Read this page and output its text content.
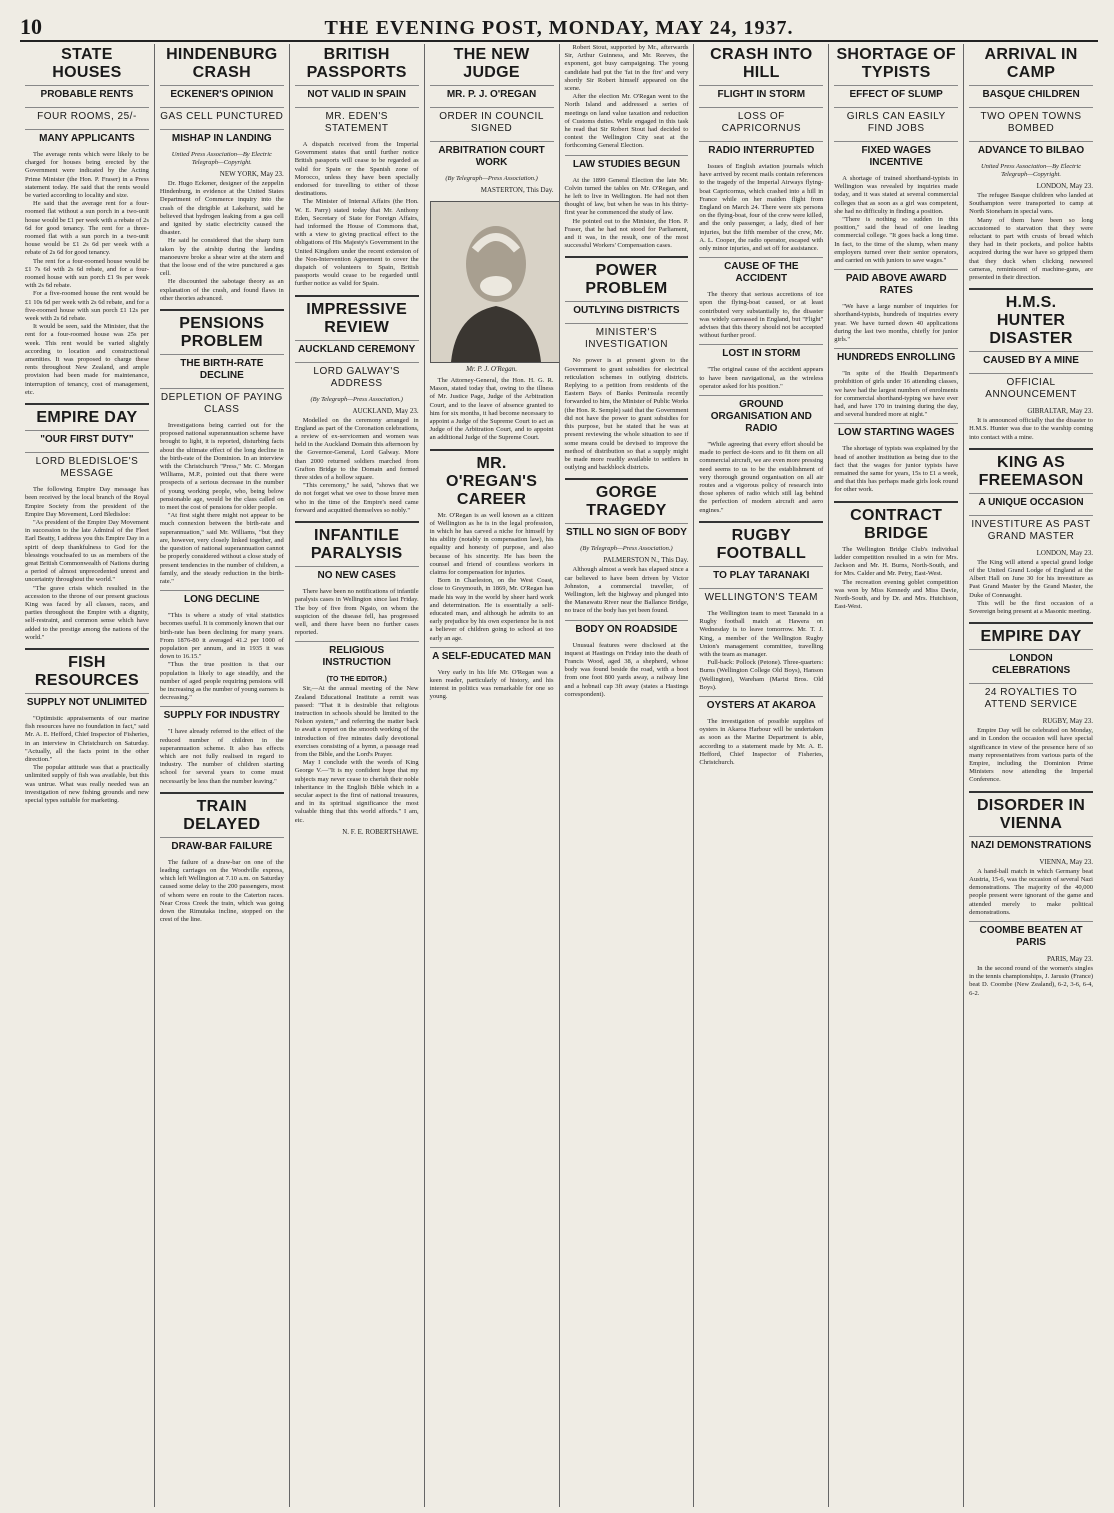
10	THE EVENING POST, MONDAY, MAY 24, 1937.
STATE HOUSES
PROBABLE RENTS
FOUR ROOMS, 25/-
MANY APPLICANTS

The average rents which were likely to be charged for houses being erected by the Government were indicated by the Acting Prime Minister (the Hon. P. Fraser) in a Press statement today. He said that the rents would be varied according to locality and size.

He said that the average rent for a four-roomed flat without a sun porch in a two-unit house would be £1 per week with a rebate of 2s 6d for good tenancy. The rent for a three-roomed flat with a sun porch in a two-unit house would be £1 2s 6d per week with a rebate of 2s 6d for good tenancy.

The rent for a four-roomed house would be £1 7s 6d with 2s 6d rebate, and for a four-roomed house with sun porch £1 9s per week with 2s 6d rebate.

For a five-roomed house the rent would be £1 10s 6d per week with 2s 6d rebate, and for a five-roomed house with sun porch £1 12s per week with 2s 6d rebate.

It would be seen, said the Minister, that the rent for a four-roomed house was 25s per week. This rent would be varied slightly according to location and constructional amenities. It was proposed to charge these rents throughout New Zealand, and ample provision had been made for maintenance, interruption of tenancy, cost of management, etc.

EMPIRE DAY
"OUR FIRST DUTY"
LORD BLEDISLOE'S MESSAGE

The following Empire Day message has been received by the local branch of the Royal Empire Society from the president of the Empire Day Movement, Lord Bledisloe:

"As president of the Empire Day Movement in succession to the late Admiral of the Fleet Earl Beatty, I address you this Empire Day in a spirit of deep thankfulness to God for the blessings vouchsafed to us as members of the great British Commonwealth of Nations during a period of almost unprecedented unrest and uncertainty throughout the world."

"The grave crisis which resulted in the accession to the throne of our present gracious King was faced by all classes, races, and parties throughout the Empire with a dignity, self-restraint, and common sense which have added to the prestige among the nations of the world."

FISH RESOURCES
SUPPLY NOT UNLIMITED

"Optimistic appraisements of our marine fish resources have no foundation in fact," said Mr. A. E. Hefford, Chief Inspector of Fisheries, in an interview in Christchurch on Saturday. "Actually, all the facts point in the other direction."

The popular attitude was that a practically unlimited supply of fish was available, but this was untrue. What was really needed was an investigation of new fishing grounds and new special types suitable for marketing.

HINDENBURG CRASH
ECKENER'S OPINION
GAS CELL PUNCTURED
MISHAP IN LANDING
United Press Association—By Electric Telegraph—Copyright.
NEW YORK, May 23.

Dr. Hugo Eckener, designer of the zeppelin Hindenburg, in evidence at the United States Department of Commerce inquiry into the crash of the dirigible at Lakehurst, said he believed that hydrogen leaking from a gas cell and ignited by static electricity caused the disaster.

He said he considered that the sharp turn taken by the airship during the landing manoeuvre broke a shear wire at the stern and that the loose end of the wire punctured a gas cell.

He discounted the sabotage theory as an explanation of the crash, and found flaws in other theories advanced.

PENSIONS PROBLEM
THE BIRTH-RATE DECLINE
DEPLETION OF PAYING CLASS

Investigations being carried out for the proposed national superannuation scheme have brought to light, it is reported, disturbing facts about the ultimate effect of the long decline in the birth-rate of the Dominion. In an interview with the Christchurch "Press," Mr. C. Morgan Williams, M.P., pointed out that there were prospects of a serious decrease in the number of young working people, who, being below pensionable age, would be the class called on to meet the cost of pensions for older people.

"At first sight there might not appear to be much connexion between the birth-rate and superannuation," said Mr. Williams, "but they are, however, very closely linked together, and the question of national superannuation cannot be properly considered without a close study of present tendencies in the number of children, a family, and the steady reduction in the birth-rate."

LONG DECLINE

"This is where a study of vital statistics becomes useful. It is commonly known that our birth-rate has been declining for many years. From 1876-80 it averaged 41.2 per 1000 of population per annum, and in 1935 it was down to 16.15."

"Thus the true position is that our population is likely to age steadily, and the number of aged people requiring pensions will be increasing as the number of young earners is decreasing."

SUPPLY FOR INDUSTRY

"I have already referred to the effect of the reduced number of children in the superannuation scheme. It also has effects which are not fully realised in regard to industry. The number of children starting school for several years to come must necessarily be less than the number leaving."

TRAIN DELAYED
DRAW-BAR FAILURE

The failure of a draw-bar on one of the leading carriages on the Woodville express, which left Wellington at 7.10 a.m. on Saturday caused some delay to the 200 passengers, most of whom were en route to the Caterton races. Near Cross Creek the train, which was going down the Rimutaka incline, stopped on the crest of the line.

BRITISH PASSPORTS
NOT VALID IN SPAIN
MR. EDEN'S STATEMENT

A dispatch received from the Imperial Government states that until further notice British passports will cease to be regarded as valid for Spain or the Spanish zone of Morocco, unless they have been specially endorsed for travelling to either of those destinations.

The Minister of Internal Affairs (the Hon. W. E. Parry) stated today that Mr. Anthony Eden, Secretary of State for Foreign Affairs, had informed the House of Commons that, with a view to giving practical effect to the obligations of His Majesty's Government in the United Kingdom under the recent extension of the Non-Intervention Agreement to cover the dispatch of volunteers to Spain, British passports would cease to be regarded until further notice as valid for Spain.

IMPRESSIVE REVIEW
AUCKLAND CEREMONY
LORD GALWAY'S ADDRESS
(By Telegraph—Press Association.)
AUCKLAND, May 23.

Modelled on the ceremony arranged in England as part of the Coronation celebrations, a review of ex-servicemen and women was held in the Auckland Domain this afternoon by the Governor-General, Lord Galway. More than 2000 returned soldiers marched from Grafton Bridge to the Domain and formed three sides of a hollow square.

"This ceremony," he said, "shows that we do not forget what we owe to those brave men who in the time of the Empire's need came forward and acquitted themselves so nobly."

INFANTILE PARALYSIS
NO NEW CASES

There have been no notifications of infantile paralysis cases in Wellington since last Friday. The boy of five from Ngaio, on whom the suspicion of the disease fell, has progressed well, and there have been no further cases reported.

RELIGIOUS INSTRUCTION
(TO THE EDITOR.)

Sir,—At the annual meeting of the New Zealand Educational Institute a remit was passed: "That it is desirable that religious instruction in schools should be limited to the Nelson system," and referring the matter back to await a report on the smooth working of the introduction of five minutes daily devotional exercises consisting of a hymn, a passage read from the Bible, and the Lord's Prayer.

May I conclude with the words of King George V.—"It is my confident hope that my subjects may never cease to cherish their noble inheritance in the English Bible which in a secular aspect is the first of national treasures, and in its spiritual significance the most valuable thing that this world affords." I am, etc.

N. F. E. ROBERTSHAWE.
THE NEW JUDGE
MR. P. J. O'REGAN
ORDER IN COUNCIL SIGNED
ARBITRATION COURT WORK
(By Telegraph—Press Association.)
MASTERTON, This Day.
Mr. P. J. O'Regan.

The Attorney-General, the Hon. H. G. R. Mason, stated today that, owing to the illness of Mr. Justice Page, Judge of the Arbitration Court, and to the leave of absence granted to him for six months, it had become necessary to appoint a Judge of the Supreme Court to act as Judge of the Arbitration Court, and to appoint an additional Judge of the Supreme Court.

MR. O'REGAN'S CAREER

Mr. O'Regan is as well known as a citizen of Wellington as he is in the legal profession, in which he has carved a niche for himself by his ability (notably in compensation law), his equality and honesty of purpose, and also because of his sincerity. He has been the counsel and friend of countless workers in claims for compensation for injuries.

Born in Charleston, on the West Coast, close to Greymouth, in 1869, Mr. O'Regan has made his way in the world by sheer hard work and determination. He is essentially a self-educated man, and although he admits to an early prejudice by his own experience he is not a believer of children going to school at too early an age.

A SELF-EDUCATED MAN

Very early in his life Mr. O'Regan was a keen reader, particularly of history, and his interest in politics was remarkable for one so young.

Robert Stout, supported by Mr., afterwards Sir, Arthur Guinness, and Mr. Reeves, the exponent, got busy campaigning. The young candidate had put the 'fat in the fire' and very shortly Sir Robert himself appeared on the scene.

After the election Mr. O'Regan went to the North Island and addressed a series of meetings on land value taxation and reduction of Customs duties. While engaged in this task he read that Sir Robert Stout had decided to contest the Wellington City seat at the forthcoming General Election.

LAW STUDIES BEGUN

At the 1899 General Election the late Mr. Colvin turned the tables on Mr. O'Regan, and he left to live in Wellington. He had not then thought of law, but when he was in his thirty-first year he commenced the study of law.

He pointed out to the Minister, the Hon. P. Fraser, that he had not stood for Parliament, and it was, in the result, one of the most successful Workers' Compensation cases.

POWER PROBLEM
OUTLYING DISTRICTS
MINISTER'S INVESTIGATION

No power is at present given to the Government to grant subsidies for electrical reticulation schemes in outlying districts. Replying to a petition from residents of the Eastern Bays of Banks Peninsula recently forwarded to him, the Minister of Public Works (the Hon. R. Semple) said that the Government did not have the power to grant subsidies for this purpose, but he stated that he was at present reviewing the whole situation to see if some means could be devised to improve the method of distribution so that a supply might be made more readily available to settlers in outlying and backblock districts.

GORGE TRAGEDY
STILL NO SIGN OF BODY
(By Telegraph—Press Association.)
PALMERSTON N., This Day.

Although almost a week has elapsed since a car believed to have been driven by Victor Johnston, a commercial traveller, of Wellington, left the highway and plunged into the Manawatu River near the Ballance Bridge, no trace of the body has yet been found.

BODY ON ROADSIDE

Unusual features were disclosed at the inquest at Hastings on Friday into the death of Francis Wood, aged 38, a shepherd, whose body was found beside the road, with a boot from one foot 800 yards away, a railway line and a hobnail cap 3ft away (states a Hastings correspondent).

CRASH INTO HILL
FLIGHT IN STORM
LOSS OF CAPRICORNUS
RADIO INTERRUPTED

Issues of English aviation journals which have arrived by recent mails contain references to the tragedy of the Imperial Airways flying-boat Capricornus, which crashed into a hill in France while on her maiden flight from England on March 24. There were six persons on the flying-boat, four of the crew were killed, and the only passenger, a lady, died of her injuries, but the fifth member of the crew, Mr. A. L. Cooper, the radio operator, escaped with only minor injuries, and set off for assistance.

CAUSE OF THE ACCIDENT

The theory that serious accretions of ice upon the flying-boat caused, or at least contributed very substantially to, the disaster was widely canvassed in England, but "Flight" advises that this theory should not be accepted without further proof.

LOST IN STORM

"The original cause of the accident appears to have been navigational, as the wireless operator asked for his position."

GROUND ORGANISATION AND RADIO

"While agreeing that every effort should be made to perfect de-icers and to fit them on all commercial aircraft, we are even more pressing need seems to us to be the establishment of very thorough ground organisation on all air routes and a vigorous policy of research into those spheres of radio which still lag behind the perfection of modern aircraft and aero engines."

RUGBY FOOTBALL
TO PLAY TARANAKI
WELLINGTON'S TEAM

The Wellington team to meet Taranaki in a Rugby football match at Hawera on Wednesday is to leave tomorrow. Mr. T. J. King, a member of the Wellington Rugby Union's management committee, travelling with the team as manager.

Full-back: Pollock (Petone). Three-quarters: Burns (Wellington College Old Boys), Hanson (Wellington), Wareham (Marist Bros. Old Boys).

OYSTERS AT AKAROA

The investigation of possible supplies of oysters in Akaroa Harbour will be undertaken as soon as the Marine Department is able, according to a statement made by Mr. A. E. Hefford, Chief Inspector of Fisheries, Christchurch.

SHORTAGE OF TYPISTS
EFFECT OF SLUMP
GIRLS CAN EASILY FIND JOBS
FIXED WAGES INCENTIVE

A shortage of trained shorthand-typists in Wellington was revealed by inquiries made today, and it was stated at several commercial colleges that as soon as a girl was competent, she had no difficulty in finding a position.

"There is nothing so sudden in this position," said the head of one leading commercial college. "It goes back a long time. In fact, to the time of the slump, when many employers turned over their senior operators, and carried on with juniors to save wages."

PAID ABOVE AWARD RATES

"We have a large number of inquiries for shorthand-typists, hundreds of inquiries every year. We have turned down 40 applications during the last two months, chiefly for junior girls."

HUNDREDS ENROLLING

"In spite of the Health Department's prohibition of girls under 16 attending classes, we have had the largest numbers of enrolments for commercial shorthand-typing we have ever had, and have 170 in training during the day, and several hundred more at night."

LOW STARTING WAGES

The shortage of typists was explained by the head of another institution as being due to the fact that the wages for junior typists have remained the same for years, 15s to £1 a week, and that this has perhaps made girls look round for other work.

CONTRACT BRIDGE

The Wellington Bridge Club's individual ladder competition resulted in a win for Mrs. Jackson and Mr. H. Burns, North-South, and for Mrs. Calder and Mr. Petry, East-West.

The recreation evening goblet competition was won by Miss Kennedy and Miss Davie, North-South, and by Dr. and Mrs. Hutchison, East-West.

ARRIVAL IN CAMP
BASQUE CHILDREN
TWO OPEN TOWNS BOMBED
ADVANCE TO BILBAO
United Press Association—By Electric Telegraph—Copyright.
LONDON, May 23.

The refugee Basque children who landed at Southampton were transported to camp at North Stoneham in special vans.

Many of them have been so long accustomed to starvation that they were reluctant to part with crusts of bread which they had in their pockets, and police habits acquired during the war have so gripped them that they duck when clicking newsreel cameras, reminiscent of machine-guns, are presented in their direction.

H.M.S. HUNTER DISASTER
CAUSED BY A MINE
OFFICIAL ANNOUNCEMENT
GIBRALTAR, May 23.

It is announced officially that the disaster to H.M.S. Hunter was due to the warship coming into contact with a mine.

KING AS FREEMASON
A UNIQUE OCCASION
INVESTITURE AS PAST GRAND MASTER
LONDON, May 23.

The King will attend a special grand lodge of the United Grand Lodge of England at the Albert Hall on June 30 for his investiture as Past Grand Master by the Grand Master, the Duke of Connaught.

This will be the first occasion of a Sovereign being present at a Masonic meeting.

EMPIRE DAY
LONDON CELEBRATIONS
24 ROYALTIES TO ATTEND SERVICE
RUGBY, May 23.

Empire Day will be celebrated on Monday, and in London the occasion will have special significance in view of the presence here of so many representatives from various parts of the Empire, including the Dominion Prime Ministers now attending the Imperial Conference.

DISORDER IN VIENNA
NAZI DEMONSTRATIONS
VIENNA, May 23.

A hand-ball match in which Germany beat Austria, 15-6, was the occasion of several Nazi demonstrations. The majority of the 40,000 people present were ignorant of the game and attended merely to make political demonstrations.

COOMBE BEATEN AT PARIS
PARIS, May 23.

In the second round of the women's singles in the tennis championships, J. Jarusio (France) beat D. Coombe (New Zealand), 6-2, 3-6, 6-4, 6-2.
